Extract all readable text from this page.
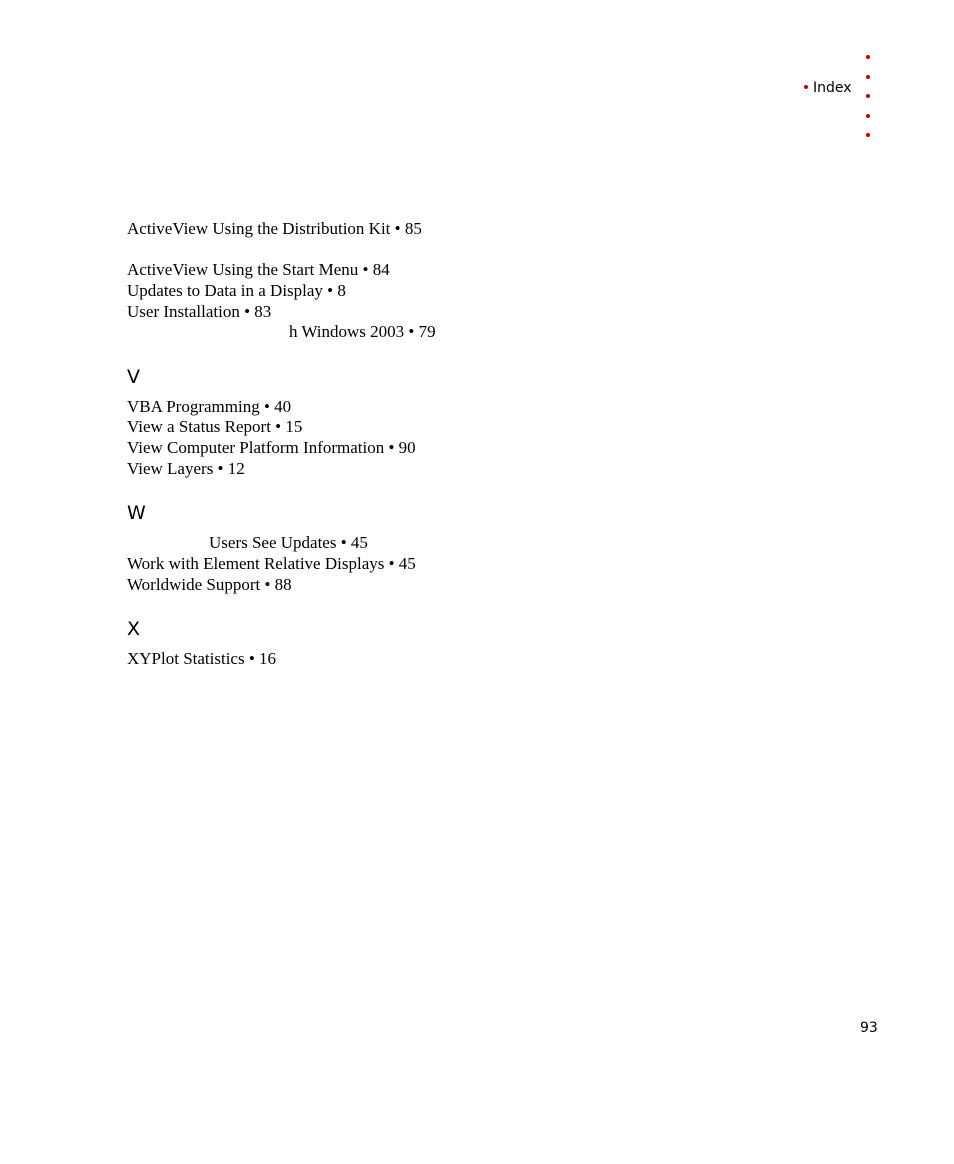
Index
ActiveView Using the Distribution Kit • 85
ActiveView Using the Start Menu • 84
Updates to Data in a Display • 8
User Installation • 83
h Windows 2003 • 79
V
VBA Programming • 40
View a Status Report • 15
View Computer Platform Information • 90
View Layers • 12
W
Users See Updates • 45
Work with Element Relative Displays • 45
Worldwide Support • 88
X
XYPlot Statistics • 16
93
